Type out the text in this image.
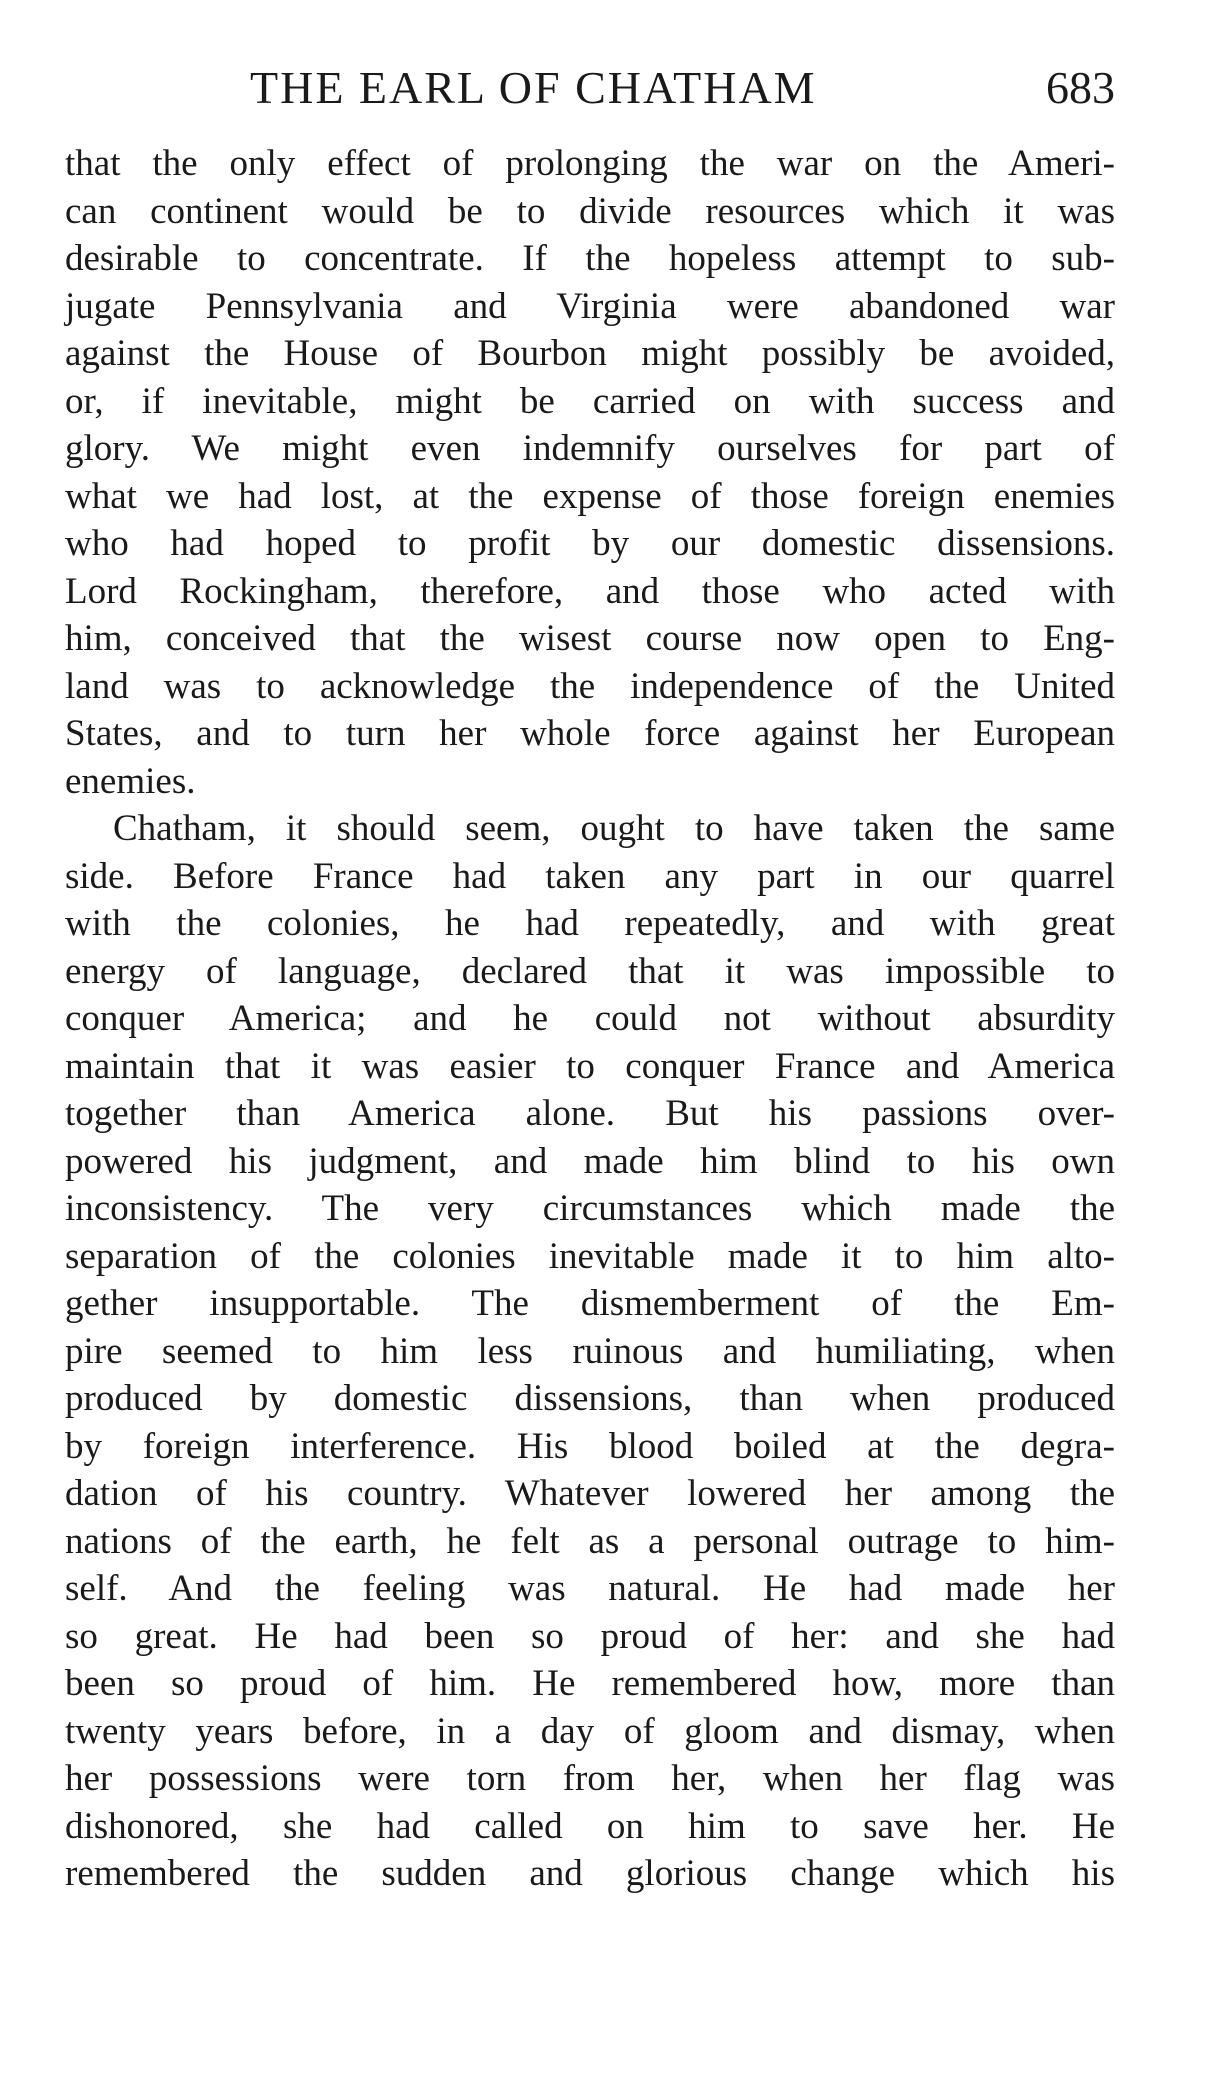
THE EARL OF CHATHAM	683
that the only effect of prolonging the war on the Ameri-
can continent would be to divide resources which it was
desirable to concentrate. If the hopeless attempt to sub-
jugate Pennsylvania and Virginia were abandoned war
against the House of Bourbon might possibly be avoided,
or, if inevitable, might be carried on with success and
glory. We might even indemnify ourselves for part of
what we had lost, at the expense of those foreign enemies
who had hoped to profit by our domestic dissensions.
Lord Rockingham, therefore, and those who acted with
him, conceived that the wisest course now open to Eng-
land was to acknowledge the independence of the United
States, and to turn her whole force against her European
enemies.
Chatham, it should seem, ought to have taken the same
side. Before France had taken any part in our quarrel
with the colonies, he had repeatedly, and with great
energy of language, declared that it was impossible to
conquer America; and he could not without absurdity
maintain that it was easier to conquer France and America
together than America alone. But his passions over-
powered his judgment, and made him blind to his own
inconsistency. The very circumstances which made the
separation of the colonies inevitable made it to him alto-
gether insupportable. The dismemberment of the Em-
pire seemed to him less ruinous and humiliating, when
produced by domestic dissensions, than when produced
by foreign interference. His blood boiled at the degra-
dation of his country. Whatever lowered her among the
nations of the earth, he felt as a personal outrage to him-
self. And the feeling was natural. He had made her
so great. He had been so proud of her: and she had
been so proud of him. He remembered how, more than
twenty years before, in a day of gloom and dismay, when
her possessions were torn from her, when her flag was
dishonored, she had called on him to save her. He
remembered the sudden and glorious change which his
